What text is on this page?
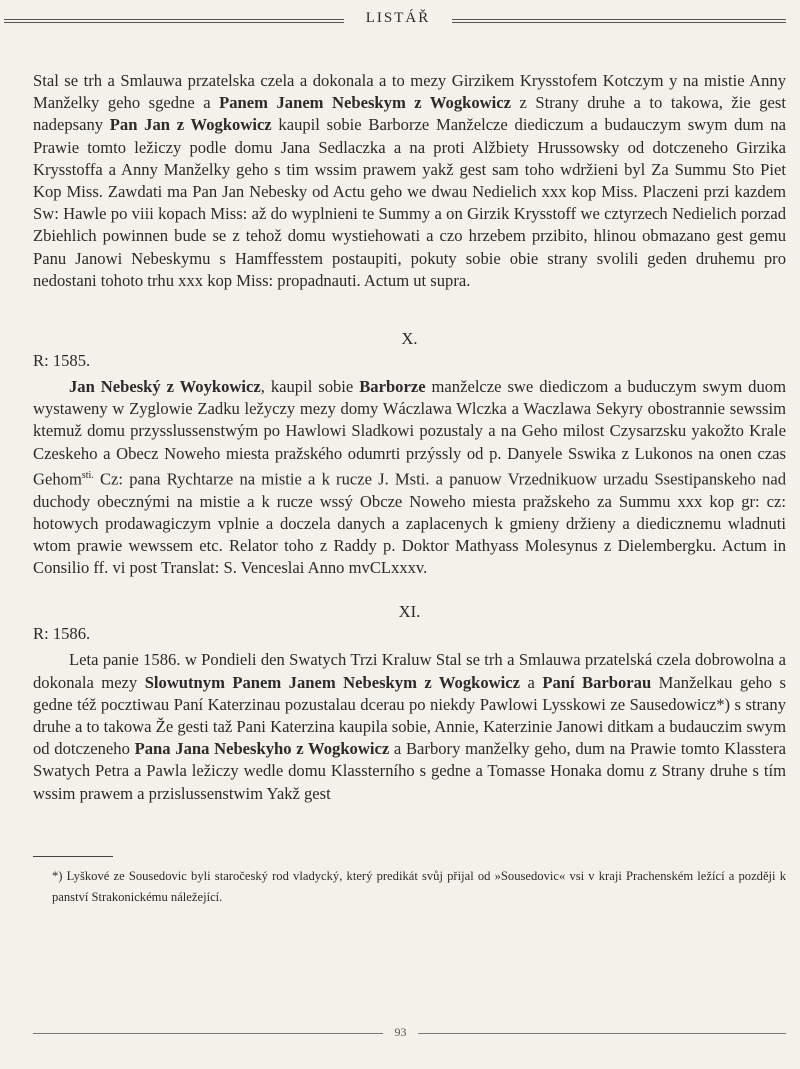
LISTÁŘ

Stal se trh a Smlauwa przatelska czela a dokonala a to mezy Girzikem Krysstofem Kotczym y na mistie Anny Manželky geho sgedne a Panem Janem Nebeskym z Wogkowicz z Strany druhe a to takowa, žie gest nadepsany Pan Jan z Wogkowicz kaupil sobie Barborze Manželcze diediczum a budauczym swym dum na Prawie tomto ležiczy podle domu Jana Sedlaczka a na proti Alžbiety Hrussowsky od dotczeneho Girzika Krysstoffa a Anny Manželky geho s tim wssim prawem yakž gest sam toho wdržieni byl Za Summu Sto Piet Kop Miss. Zawdati ma Pan Jan Nebesky od Actu geho we dwau Nedielich xxx kop Miss. Placzeni przi kazdem Sw: Hawle po viii kopach Miss: až do wyplnieni te Summy a on Girzik Krysstoff we cztyrzech Nedielich porzad Zbiehlich powinnen bude se z tehož domu wystiehowati a czo hrzebem przibito, hlinou obmazano gest gemu Panu Janowi Nebeskymu s Hamffesstem postaupiti, pokuty sobie obie strany svolili geden druhemu pro nedostani tohoto trhu xxx kop Miss: propadnauti. Actum ut supra.

X.

R: 1585.

Jan Nebeský z Woykowicz, kaupil sobie Barborze manželcze swe diediczom a buduczym swym duom wystaweny w Zyglowie Zadku ležyczy mezy domy Wáczlawa Wlczka a Waczlawa Sekyry obostrannie sewssim ktemuž domu przysslussenstwým po Hawlowi Sladkowi pozustaly a na Geho milost Czysarzsku yakožto Krale Czeskeho a Obecz Noweho miesta pražského odumrti przýssly od p. Danyele Sswika z Lukonos na onen czas Gehom$^{sti.}$ Cz: pana Rychtarze na mistie a k rucze J. Msti. a panuow Vrzednikuow urzadu Ssestipanskeho nad duchody obecznými na mistie a k rucze wssý Obcze Noweho miesta pražskeho za Summu xxx kop gr: cz: hotowych prodawagiczym vplnie a doczela danych a zaplacenych k gmieny držieny a diedicznemu wladnuti wtom prawie wewssem etc. Relator toho z Raddy p. Doktor Mathyass Molesynus z Dielembergku. Actum in Consilio ff. vi post Translat: S. Venceslai Anno mvCLxxxv.

XI.

R: 1586.

Leta panie 1586. w Pondieli den Swatych Trzi Kraluw Stal se trh a Smlauwa przatelská czela dobrowolna a dokonala mezy Slowutnym Panem Janem Nebeskym z Wogkowicz a Paní Barborau Manželkau geho s gedne též pocztiwau Paní Katerzinau pozustalau dcerau po niekdy Pawlowi Lysskowi ze Sausedowicz*) s strany druhe a to takowa Že gesti taž Pani Katerzina kaupila sobie, Annie, Katerzinie Janowi ditkam a budauczim swym od dotczeneho Pana Jana Nebeskyho z Wogkowicz a Barbory manželky geho, dum na Prawie tomto Klasstera Swatych Petra a Pawla ležiczy wedle domu Klassterního s gedne a Tomasse Honaka domu z Strany druhe s tím wssim prawem a przislussenstwim Yakž gest

*) Lyškové ze Sousedovic byli staročeský rod vladycký, který predikát svůj přijal od »Sousedovic« vsi v kraji Prachenském ležící a později k panství Strakonickému náležející.

93
